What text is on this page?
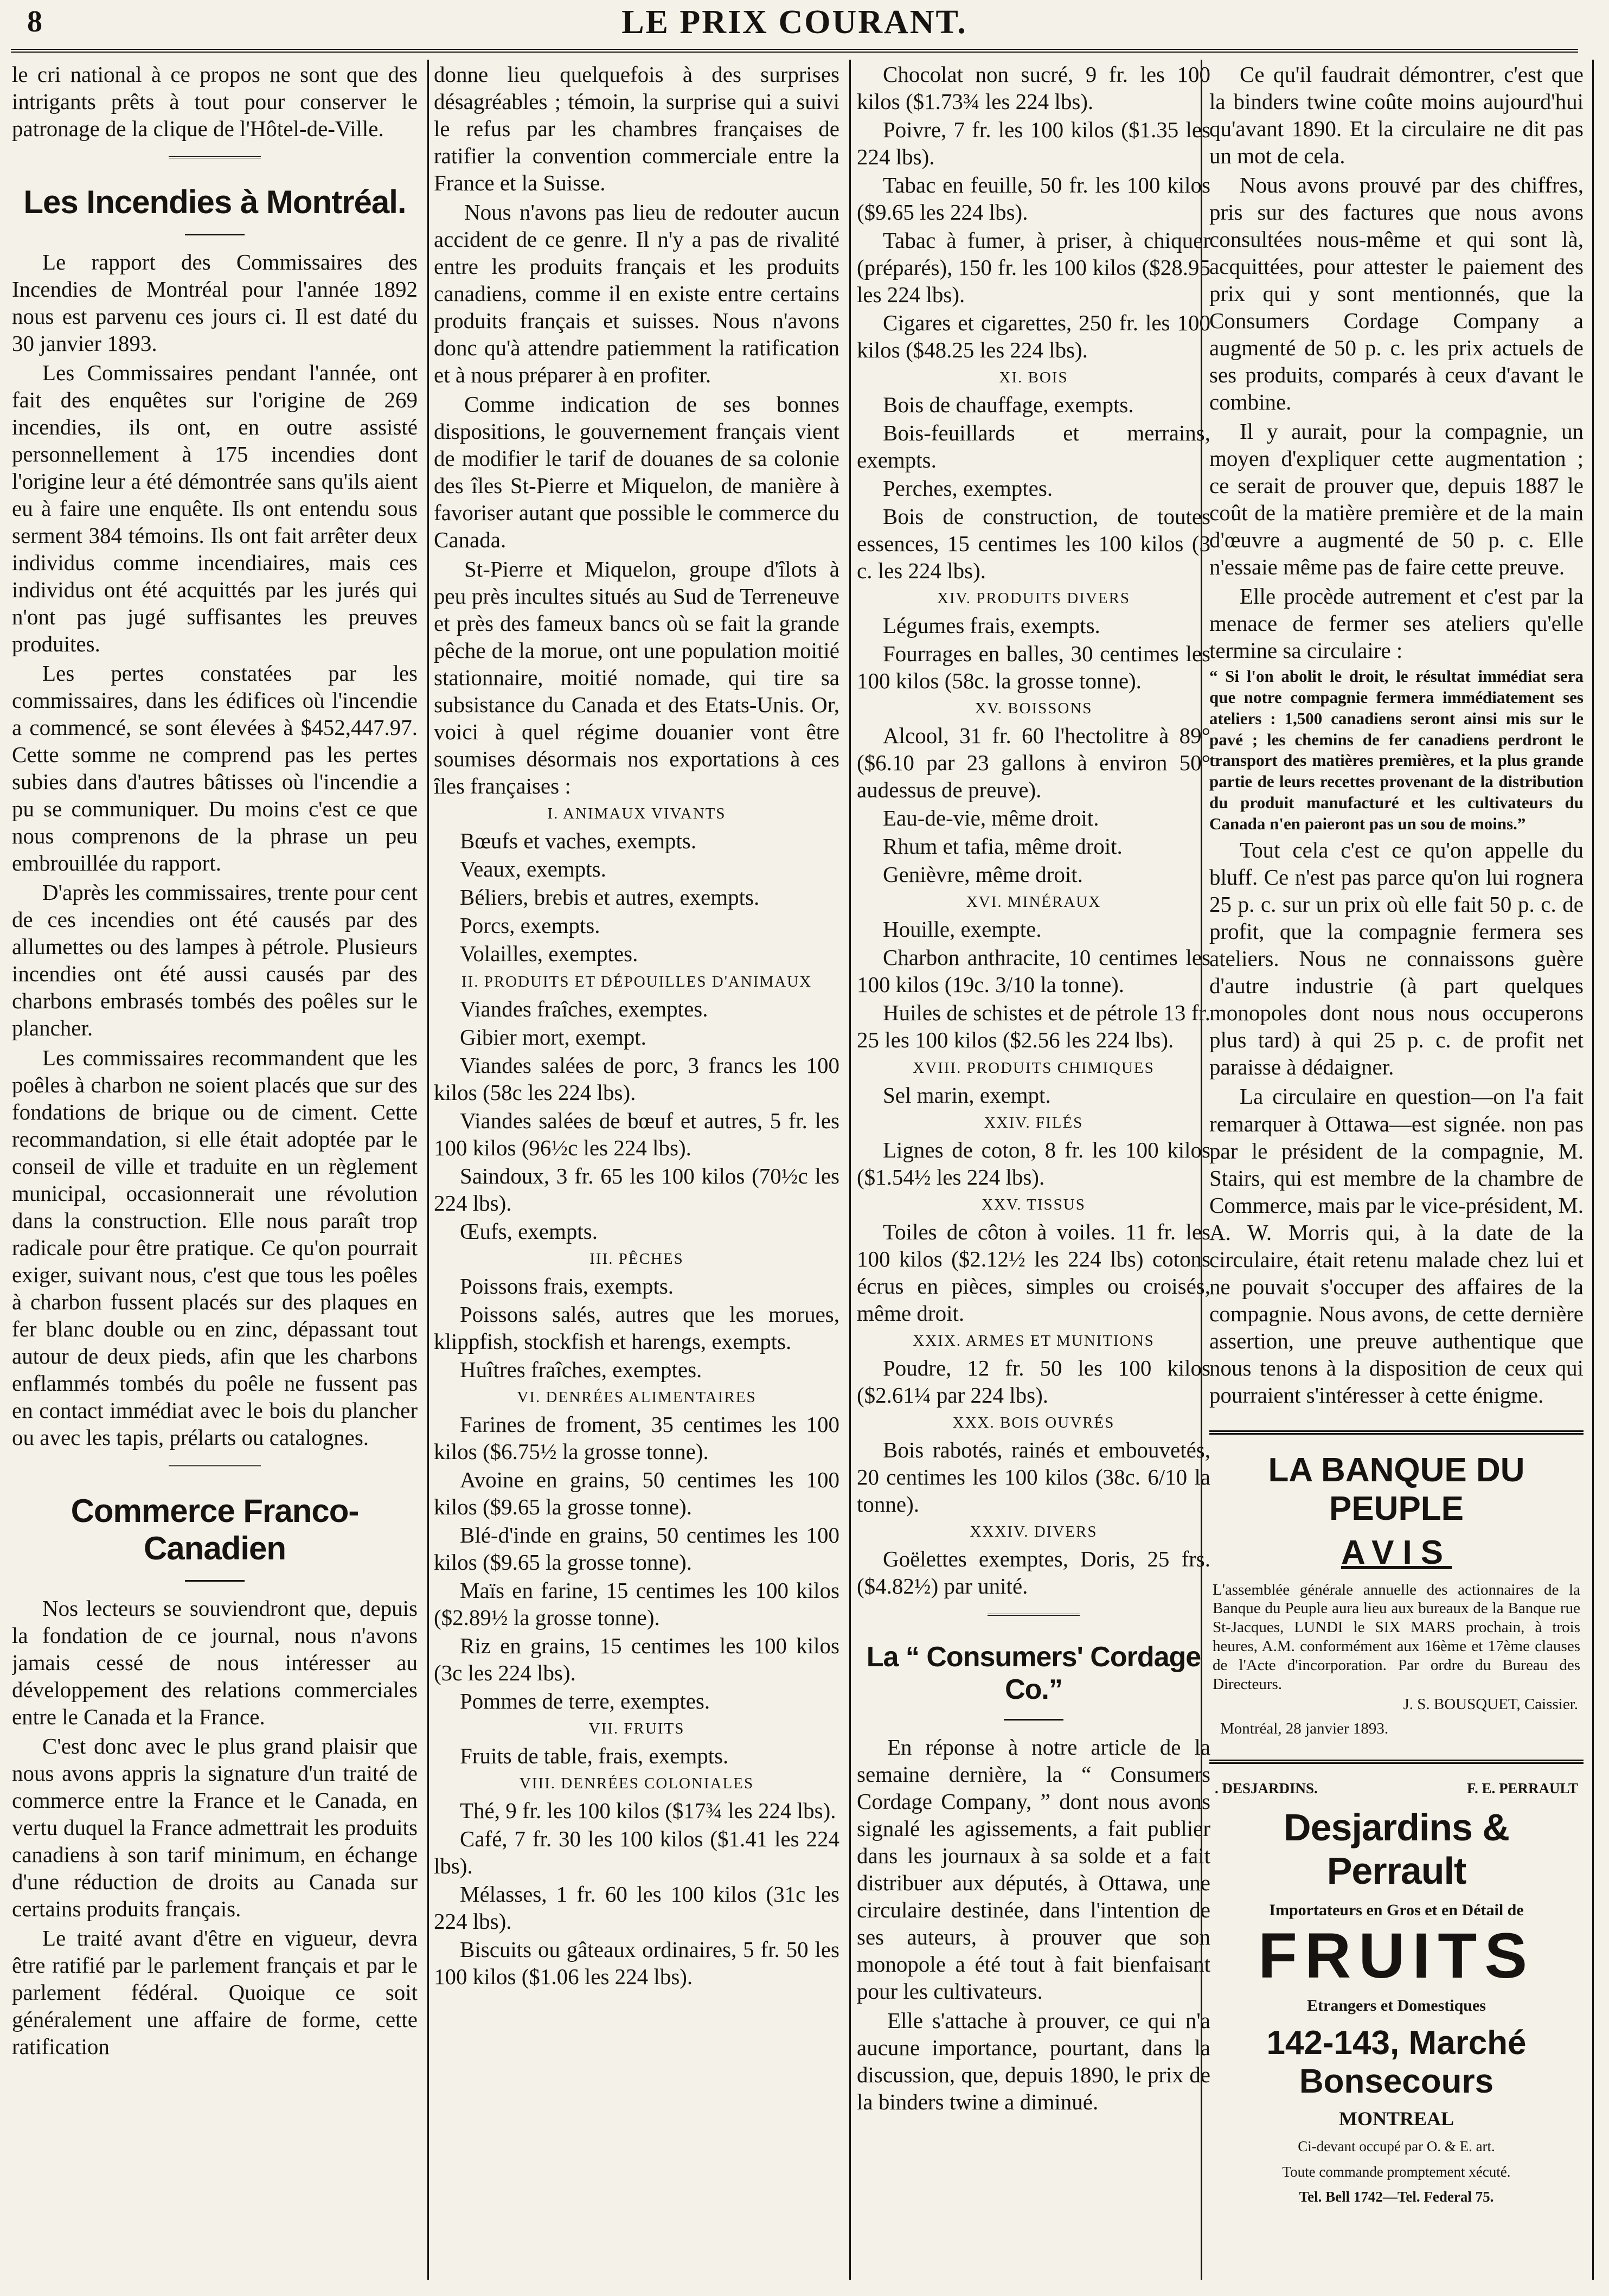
8	LE PRIX COURANT.

le cri national à ce propos ne sont que des intrigants prêts à tout pour conserver le patronage de la clique de l'Hôtel-de-Ville.

Les Incendies à Montréal.

Le rapport des Commissaires des Incendies de Montréal pour l'année 1892 nous est parvenu ces jours ci. Il est daté du 30 janvier 1893.

Les Commissaires pendant l'année, ont fait des enquêtes sur l'origine de 269 incendies, ils ont, en outre assisté personnellement à 175 incendies dont l'origine leur a été démontrée sans qu'ils aient eu à faire une enquête. Ils ont entendu sous serment 384 témoins. Ils ont fait arrêter deux individus comme incendiaires, mais ces individus ont été acquittés par les jurés qui n'ont pas jugé suffisantes les preuves produites.

Les pertes constatées par les commissaires, dans les édifices où l'incendie a commencé, se sont élevées à $452,447.97. Cette somme ne comprend pas les pertes subies dans d'autres bâtisses où l'incendie a pu se communiquer. Du moins c'est ce que nous comprenons de la phrase un peu embrouillée du rapport.

D'après les commissaires, trente pour cent de ces incendies ont été causés par des allumettes ou des lampes à pétrole. Plusieurs incendies ont été aussi causés par des charbons embrasés tombés des poêles sur le plancher.

Les commissaires recommandent que les poêles à charbon ne soient placés que sur des fondations de brique ou de ciment. Cette recommandation, si elle était adoptée par le conseil de ville et traduite en un règlement municipal, occasionnerait une révolution dans la construction. Elle nous paraît trop radicale pour être pratique. Ce qu'on pourrait exiger, suivant nous, c'est que tous les poêles à charbon fussent placés sur des plaques en fer blanc double ou en zinc, dépassant tout autour de deux pieds, afin que les charbons enflammés tombés du poêle ne fussent pas en contact immédiat avec le bois du plancher ou avec les tapis, prélarts ou catalognes.

Commerce Franco-Canadien

Nos lecteurs se souviendront que, depuis la fondation de ce journal, nous n'avons jamais cessé de nous intéresser au développement des relations commerciales entre le Canada et la France.

C'est donc avec le plus grand plaisir que nous avons appris la signature d'un traité de commerce entre la France et le Canada, en vertu duquel la France admettrait les produits canadiens à son tarif minimum, en échange d'une réduction de droits au Canada sur certains produits français.

Le traité avant d'être en vigueur, devra être ratifié par le parlement français et par le parlement fédéral. Quoique ce soit généralement une affaire de forme, cette ratification

donne lieu quelquefois à des surprises désagréables ; témoin, la surprise qui a suivi le refus par les chambres françaises de ratifier la convention commerciale entre la France et la Suisse.

Nous n'avons pas lieu de redouter aucun accident de ce genre. Il n'y a pas de rivalité entre les produits français et les produits canadiens, comme il en existe entre certains produits français et suisses. Nous n'avons donc qu'à attendre patiemment la ratification et à nous préparer à en profiter.

Comme indication de ses bonnes dispositions, le gouvernement français vient de modifier le tarif de douanes de sa colonie des îles St-Pierre et Miquelon, de manière à favoriser autant que possible le commerce du Canada.

St-Pierre et Miquelon, groupe d'îlots à peu près incultes situés au Sud de Terreneuve et près des fameux bancs où se fait la grande pêche de la morue, ont une population moitié stationnaire, moitié nomade, qui tire sa subsistance du Canada et des Etats-Unis. Or, voici à quel régime douanier vont être soumises désormais nos exportations à ces îles françaises :

I. ANIMAUX VIVANTS
Bœufs et vaches, exempts.
Veaux, exempts.
Béliers, brebis et autres, exempts.
Porcs, exempts.
Volailles, exemptes.
II. PRODUITS ET DÉPOUILLES D'ANIMAUX
Viandes fraîches, exemptes.
Gibier mort, exempt.
Viandes salées de porc, 3 francs les 100 kilos (58c les 224 lbs).
Viandes salées de bœuf et autres, 5 fr. les 100 kilos (96½c les 224 lbs).
Saindoux, 3 fr. 65 les 100 kilos (70½c les 224 lbs).
Œufs, exempts.
III. PÊCHES
Poissons frais, exempts.
Poissons salés, autres que les morues, klippfish, stockfish et harengs, exempts.
Huîtres fraîches, exemptes.
VI. DENRÉES ALIMENTAIRES
Farines de froment, 35 centimes les 100 kilos ($6.75½ la grosse tonne).
Avoine en grains, 50 centimes les 100 kilos ($9.65 la grosse tonne).
Blé-d'inde en grains, 50 centimes les 100 kilos ($9.65 la grosse tonne).
Maïs en farine, 15 centimes les 100 kilos ($2.89½ la grosse tonne).
Riz en grains, 15 centimes les 100 kilos (3c les 224 lbs).
Pommes de terre, exemptes.
VII. FRUITS
Fruits de table, frais, exempts.
VIII. DENRÉES COLONIALES
Thé, 9 fr. les 100 kilos ($17¾ les 224 lbs).
Café, 7 fr. 30 les 100 kilos ($1.41 les 224 lbs).
Mélasses, 1 fr. 60 les 100 kilos (31c les 224 lbs).
Biscuits ou gâteaux ordinaires, 5 fr. 50 les 100 kilos ($1.06 les 224 lbs).
Chocolat non sucré, 9 fr. les 100 kilos ($1.73¾ les 224 lbs).
Poivre, 7 fr. les 100 kilos ($1.35 les 224 lbs).
Tabac en feuille, 50 fr. les 100 kilos ($9.65 les 224 lbs).
Tabac à fumer, à priser, à chiquer (préparés), 150 fr. les 100 kilos ($28.95 les 224 lbs).
Cigares et cigarettes, 250 fr. les 100 kilos ($48.25 les 224 lbs).
XI. BOIS
Bois de chauffage, exempts.
Bois-feuillards et merrains, exempts.
Perches, exemptes.
Bois de construction, de toutes essences, 15 centimes les 100 kilos (3 c. les 224 lbs).
XIV. PRODUITS DIVERS
Légumes frais, exempts.
Fourrages en balles, 30 centimes les 100 kilos (58c. la grosse tonne).
XV. BOISSONS
Alcool, 31 fr. 60 l'hectolitre à 89° ($6.10 par 23 gallons à environ 50° audessus de preuve).
Eau-de-vie, même droit.
Rhum et tafia, même droit.
Genièvre, même droit.
XVI. MINÉRAUX
Houille, exempte.
Charbon anthracite, 10 centimes les 100 kilos (19c. 3/10 la tonne).
Huiles de schistes et de pétrole 13 fr. 25 les 100 kilos ($2.56 les 224 lbs).
XVIII. PRODUITS CHIMIQUES
Sel marin, exempt.
XXIV. FILÉS
Lignes de coton, 8 fr. les 100 kilos ($1.54½ les 224 lbs).
XXV. TISSUS
Toiles de côton à voiles. 11 fr. les 100 kilos ($2.12½ les 224 lbs) cotons écrus en pièces, simples ou croisés, même droit.
XXIX. ARMES ET MUNITIONS
Poudre, 12 fr. 50 les 100 kilos ($2.61¼ par 224 lbs).
XXX. BOIS OUVRÉS
Bois rabotés, rainés et embouvetés, 20 centimes les 100 kilos (38c. 6/10 la tonne).
XXXIV. DIVERS
Goëlettes exemptes, Doris, 25 frs. ($4.82½) par unité.
La “ Consumers' Cordage Co.”

En réponse à notre article de la semaine dernière, la “ Consumers Cordage Company, ” dont nous avons signalé les agissements, a fait publier dans les journaux à sa solde et a fait distribuer aux députés, à Ottawa, une circulaire destinée, dans l'intention de ses auteurs, à prouver que son monopole a été tout à fait bienfaisant pour les cultivateurs.

Elle s'attache à prouver, ce qui n'a aucune importance, pourtant, dans la discussion, que, depuis 1890, le prix de la binders twine a diminué.

Ce qu'il faudrait démontrer, c'est que la binders twine coûte moins aujourd'hui qu'avant 1890. Et la circulaire ne dit pas un mot de cela.

Nous avons prouvé par des chiffres, pris sur des factures que nous avons consultées nous-même et qui sont là, acquittées, pour attester le paiement des prix qui y sont mentionnés, que la Consumers Cordage Company a augmenté de 50 p. c. les prix actuels de ses produits, comparés à ceux d'avant le combine.

Il y aurait, pour la compagnie, un moyen d'expliquer cette augmentation ; ce serait de prouver que, depuis 1887 le coût de la matière première et de la main d'œuvre a augmenté de 50 p. c. Elle n'essaie même pas de faire cette preuve.

Elle procède autrement et c'est par la menace de fermer ses ateliers qu'elle termine sa circulaire :

“ Si l'on abolit le droit, le résultat immédiat sera que notre compagnie fermera immédiatement ses ateliers : 1,500 canadiens seront ainsi mis sur le pavé ; les chemins de fer canadiens perdront le transport des matières premières, et la plus grande partie de leurs recettes provenant de la distribution du produit manufacturé et les cultivateurs du Canada n'en paieront pas un sou de moins.”

Tout cela c'est ce qu'on appelle du bluff. Ce n'est pas parce qu'on lui rognera 25 p. c. sur un prix où elle fait 50 p. c. de profit, que la compagnie fermera ses ateliers. Nous ne connaissons guère d'autre industrie (à part quelques monopoles dont nous nous occuperons plus tard) à qui 25 p. c. de profit net paraisse à dédaigner.

La circulaire en question—on l'a fait remarquer à Ottawa—est signée. non pas par le président de la compagnie, M. Stairs, qui est membre de la chambre de Commerce, mais par le vice-président, M. A. W. Morris qui, à la date de la circulaire, était retenu malade chez lui et ne pouvait s'occuper des affaires de la compagnie. Nous avons, de cette dernière assertion, une preuve authentique que nous tenons à la disposition de ceux qui pourraient s'intéresser à cette énigme.

LA BANQUE DU PEUPLE
AVIS
L'assemblée générale annuelle des actionnaires de la Banque du Peuple aura lieu aux bureaux de la Banque rue St-Jacques, LUNDI le SIX MARS prochain, à trois heures, A.M. conformément aux 16ème et 17ème clauses de l'Acte d'incorporation. Par ordre du Bureau des Directeurs.
J. S. BOUSQUET, Caissier.
Montréal, 28 janvier 1893.
. DESJARDINS.	F. E. PERRAULT
Desjardins & Perrault
Importateurs en Gros et en Détail de
FRUITS
Etrangers et Domestiques
142-143, Marché Bonsecours
MONTREAL
Ci-devant occupé par O. & E. art.
Toute commande promptement xécuté.
Tel. Bell 1742—Tel. Federal 75.
